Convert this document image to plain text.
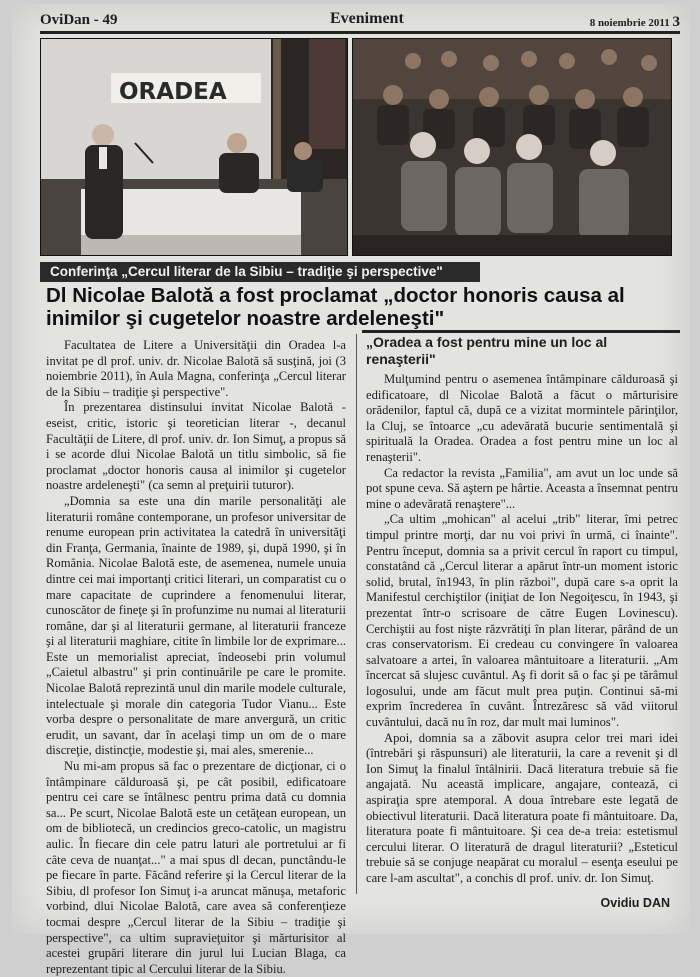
OviDan - 49	Eveniment	8 noiembrie 2011 3
ORADEA
Conferinţa „Cercul literar de la Sibiu – tradiţie şi perspective"
Dl Nicolae Balotă a fost proclamat „doctor honoris causa al inimilor şi cugetelor noastre ardeleneşti"

Facultatea de Litere a Universităţii din Oradea l-a invitat pe dl prof. univ. dr. Nicolae Balotă să susţină, joi (3 noiembrie 2011), în Aula Magna, conferinţa „Cercul literar de la Sibiu – tradiţie şi perspective".

În prezentarea distinsului invitat Nicolae Balotă - eseist, critic, istoric şi teoretician literar -, decanul Facultăţii de Litere, dl prof. univ. dr. Ion Simuţ, a propus să i se acorde dlui Nicolae Balotă un titlu simbolic, să fie proclamat „doctor honoris causa al inimilor şi cugetelor noastre ardeleneşti" (ca semn al preţuirii tuturor).

„Domnia sa este una din marile personalităţi ale literaturii române contemporane, un profesor universitar de renume european prin activitatea la catedră în universităţi din Franţa, Germania, înainte de 1989, şi, după 1990, şi în România. Nicolae Balotă este, de asemenea, numele unuia dintre cei mai importanţi critici literari, un comparatist cu o mare capacitate de cuprindere a fenomenului literar, cunoscător de fineţe şi în profunzime nu numai al literaturii române, dar şi al literaturii germane, al literaturii franceze şi al literaturii maghiare, citite în limbile lor de exprimare... Este un memorialist apreciat, îndeosebi prin volumul „Caietul albastru" şi prin continuările pe care le promite. Nicolae Balotă reprezintă unul din marile modele culturale, intelectuale şi morale din categoria Tudor Vianu... Este vorba despre o personalitate de mare anvergură, un critic erudit, un savant, dar în acelaşi timp un om de o mare discreţie, distincţie, modestie şi, mai ales, smerenie...

Nu mi-am propus să fac o prezentare de dicţionar, ci o întâmpinare călduroasă şi, pe cât posibil, edificatoare pentru cei care se întâlnesc pentru prima dată cu domnia sa... Pe scurt, Nicolae Balotă este un cetăţean european, un om de bibliotecă, un credincios greco-catolic, un magistru aulic. În fiecare din cele patru laturi ale portretului ar fi câte ceva de nuanţat..." a mai spus dl decan, punctându-le pe fiecare în parte. Făcând referire şi la Cercul literar de la Sibiu, dl profesor Ion Simuţ i-a aruncat mănuşa, metaforic vorbind, dlui Nicolae Balotă, care avea să conferenţieze tocmai despre „Cercul literar de la Sibiu – tradiţie şi perspective", ca ultim supravieţuitor şi mărturisitor al acestei grupări literare din jurul lui Lucian Blaga, ca reprezentant tipic al Cercului literar de la Sibiu.

„Oradea a fost pentru mine un loc al renaşterii"

Mulţumind pentru o asemenea întâmpinare călduroasă şi edificatoare, dl Nicolae Balotă a făcut o mărturisire orădenilor, faptul că, după ce a vizitat mormintele părinţilor, la Cluj, se întoarce „cu adevărată bucurie sentimentală şi spirituală la Oradea. Oradea a fost pentru mine un loc al renaşterii".

Ca redactor la revista „Familia", am avut un loc unde să pot spune ceva. Să aştern pe hârtie. Aceasta a însemnat pentru mine o adevărată renaştere"...

„Ca ultim „mohican" al acelui „trib" literar, îmi petrec timpul printre morţi, dar nu voi privi în urmă, ci înainte". Pentru început, domnia sa a privit cercul în raport cu timpul, constatând că „Cercul literar a apărut într-un moment istoric solid, brutal, în1943, în plin război", după care s-a oprit la Manifestul cerchiştilor (iniţiat de Ion Negoiţescu, în 1943, şi prezentat într-o scrisoare de către Eugen Lovinescu). Cerchiştii au fost nişte răzvrătiţi în plan literar, pârând de un cras conservatorism. Ei credeau cu convingere în valoarea salvatoare a artei, în valoarea mântuitoare a literaturii. „Am încercat să slujesc cuvântul. Aş fi dorit să o fac şi pe tărâmul logosului, unde am făcut mult prea puţin. Continui să-mi exprim încrederea în cuvânt. Întrezăresc să văd viitorul cuvântului, dacă nu în roz, dar mult mai luminos".

Apoi, domnia sa a zăbovit asupra celor trei mari idei (întrebări şi răspunsuri) ale literaturii, la care a revenit şi dl Ion Simuţ la finalul întâlnirii. Dacă literatura trebuie să fie angajată. Nu această implicare, angajare, contează, ci aspiraţia spre atemporal. A doua întrebare este legată de obiectivul literaturii. Dacă literatura poate fi mântuitoare. Da, literatura poate fi mântuitoare. Şi cea de-a treia: estetismul cercului literar. O literatură de dragul literaturii? „Esteticul trebuie să se conjuge neapărat cu moralul – esenţa eseului pe care l-am ascultat", a conchis dl prof. univ. dr. Ion Simuţ.

Ovidiu DAN
